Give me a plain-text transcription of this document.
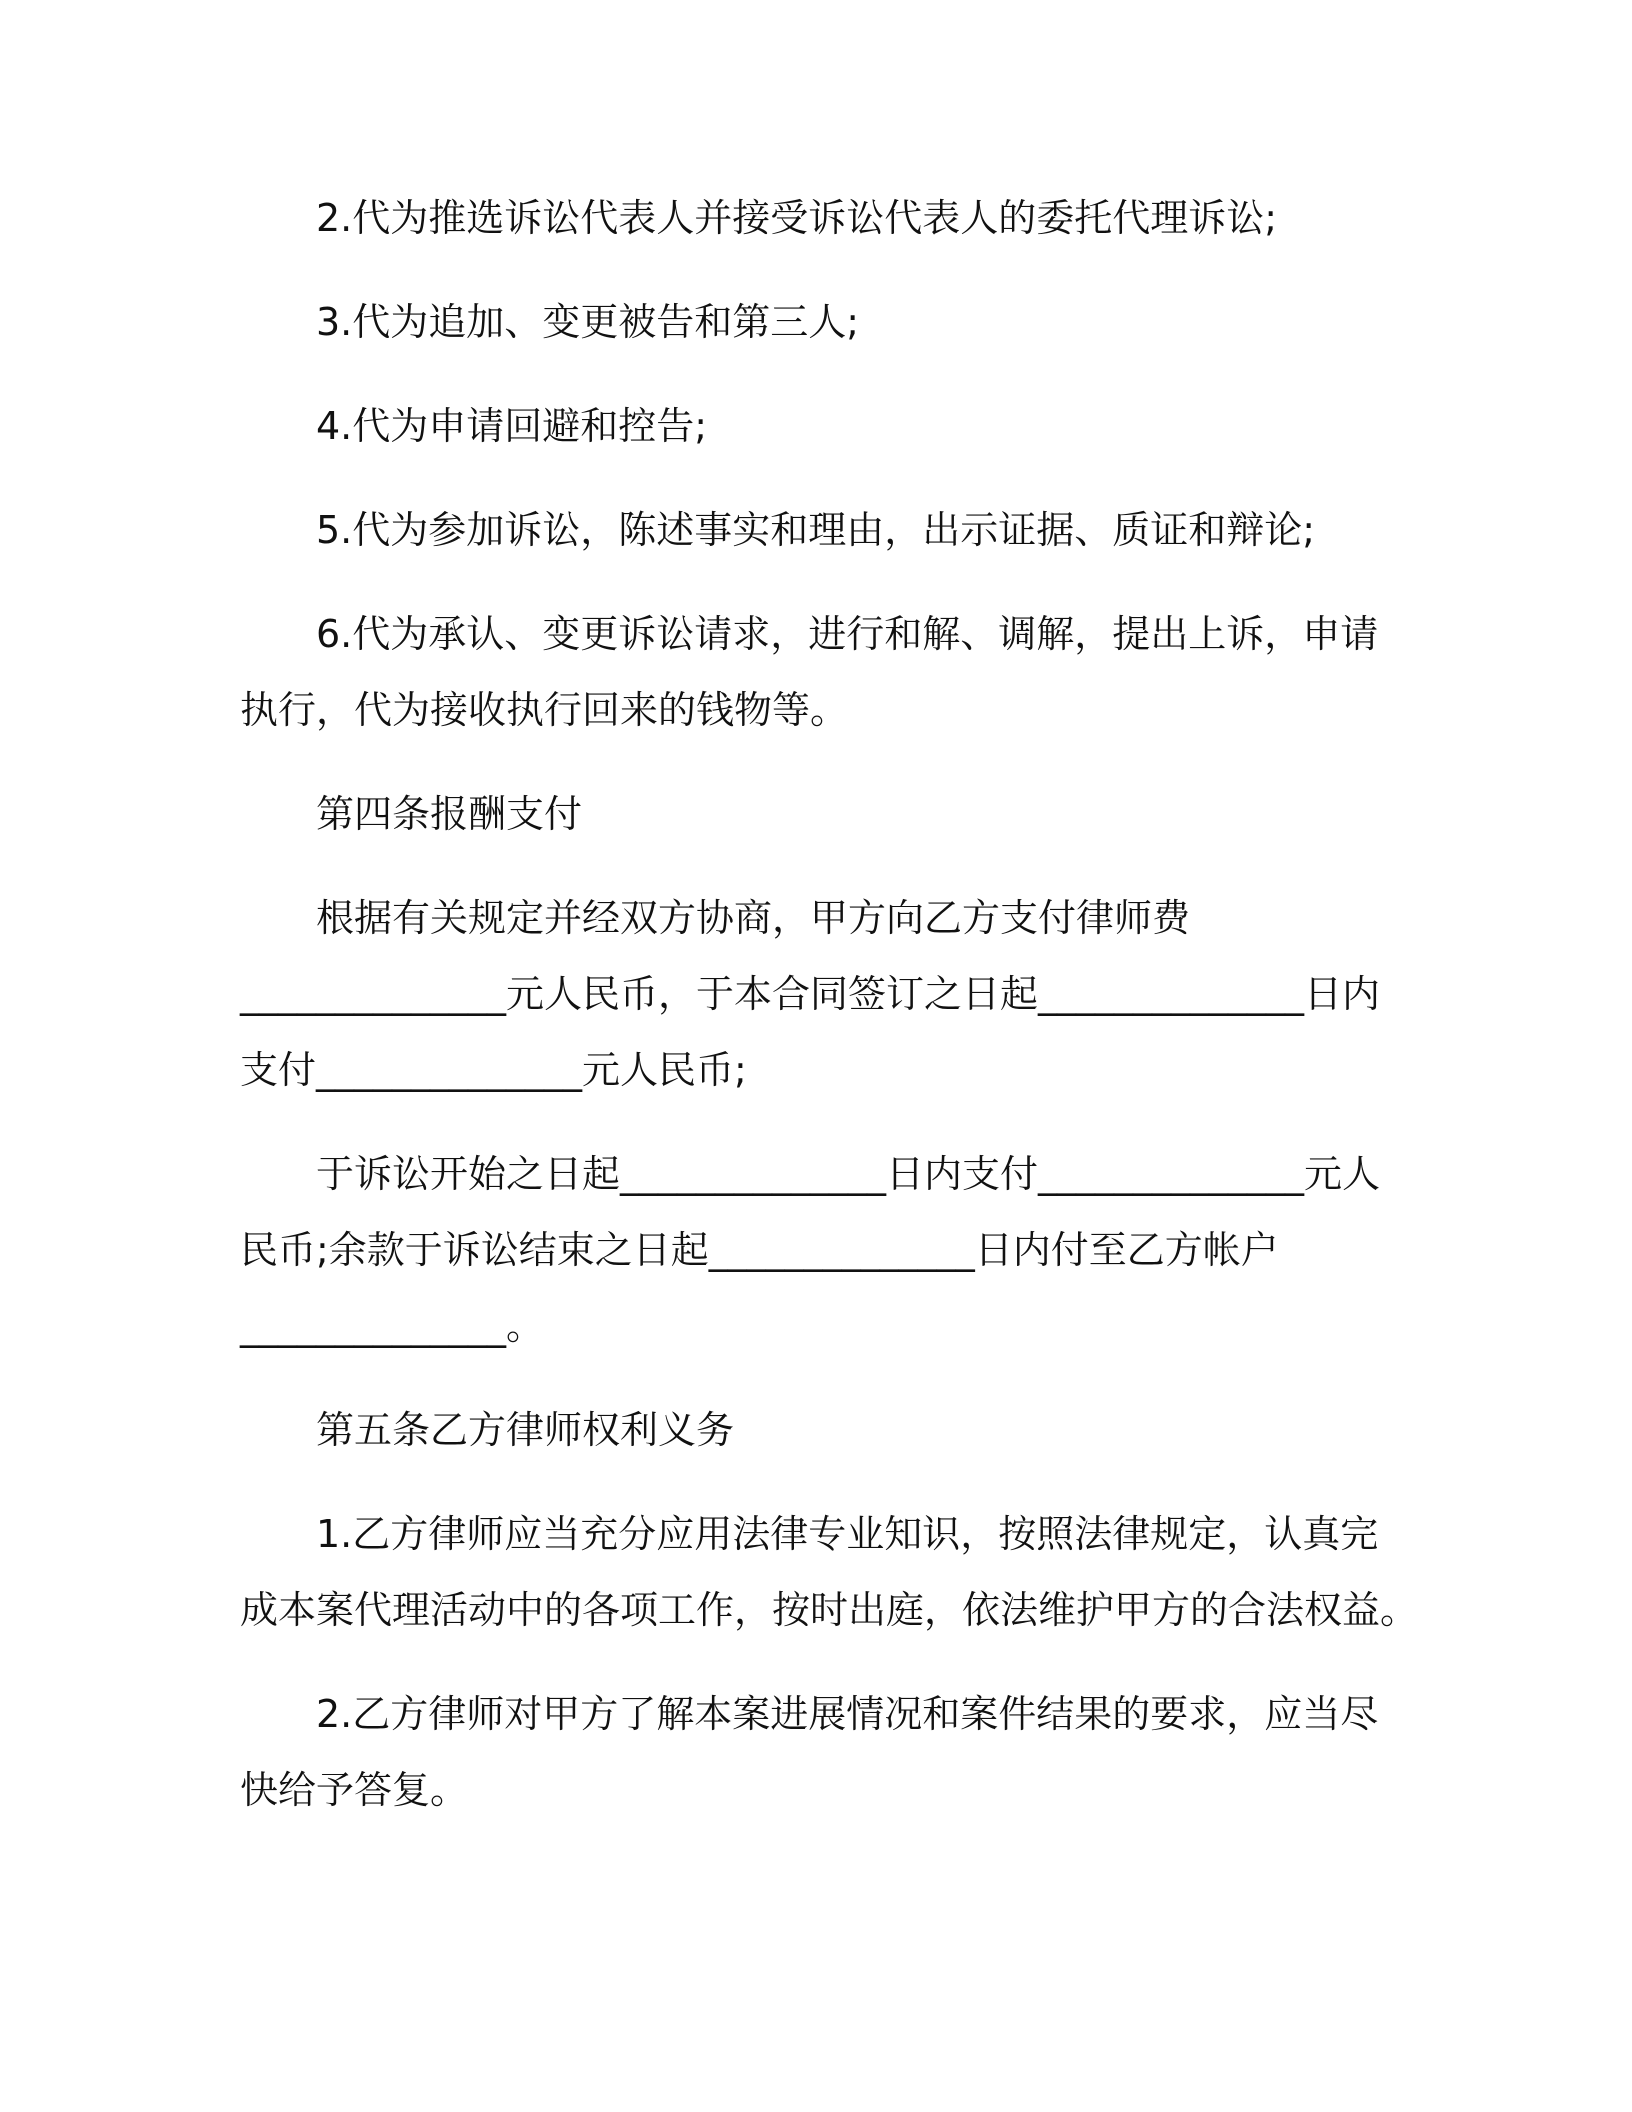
2.代为推选诉讼代表人并接受诉讼代表人的委托代理诉讼;

3.代为追加、变更被告和第三人;

4.代为申请回避和控告;

5.代为参加诉讼，陈述事实和理由，出示证据、质证和辩论;

6.代为承认、变更诉讼请求，进行和解、调解，提出上诉，申请
执行，代为接收执行回来的钱物等。

第四条报酬支付

根据有关规定并经双方协商，甲方向乙方支付律师费
______________元人民币，于本合同签订之日起______________日内
支付______________元人民币;

于诉讼开始之日起______________日内支付______________元人
民币;余款于诉讼结束之日起______________日内付至乙方帐户
______________。

第五条乙方律师权利义务

1.乙方律师应当充分应用法律专业知识，按照法律规定，认真完
成本案代理活动中的各项工作，按时出庭，依法维护甲方的合法权益。

2.乙方律师对甲方了解本案进展情况和案件结果的要求，应当尽
快给予答复。
